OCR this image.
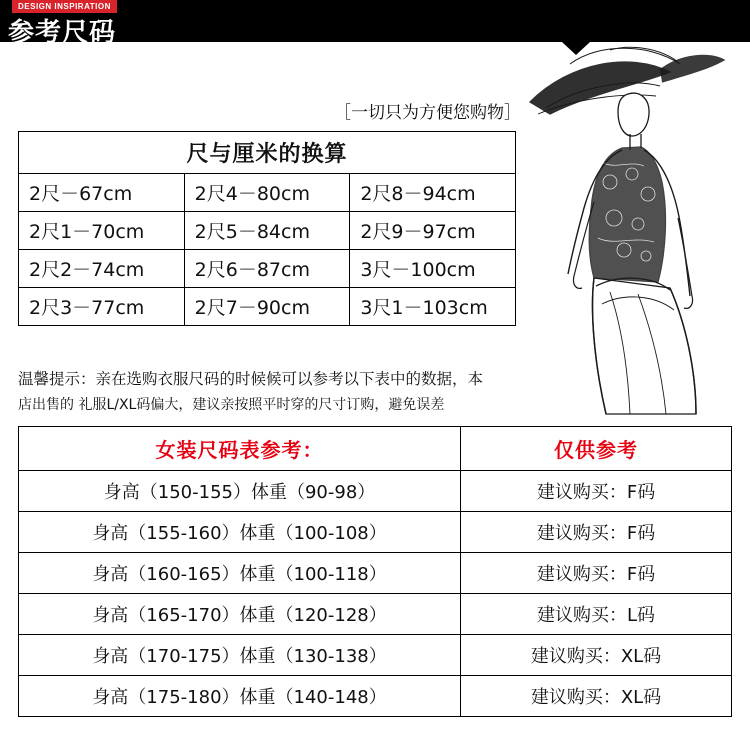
DESIGN INSPIRATION
参考尺码
［一切只为方便您购物］
尺与厘米的换算		
2尺－67cm	2尺4－80cm	2尺8－94cm
2尺1－70cm	2尺5－84cm	2尺9－97cm
2尺2－74cm	2尺6－87cm	3尺－100cm
2尺3－77cm	2尺7－90cm	3尺1－103cm
温馨提示：亲在选购衣服尺码的时候候可以参考以下表中的数据，本
店出售的 礼服L/XL码偏大，建议亲按照平时穿的尺寸订购，避免误差
女装尺码表参考：	仅供参考
身高（150-155）体重（90-98）	建议购买：F码
身高（155-160）体重（100-108）	建议购买：F码
身高（160-165）体重（100-118）	建议购买：F码
身高（165-170）体重（120-128）	建议购买：L码
身高（170-175）体重（130-138）	建议购买：XL码
身高（175-180）体重（140-148）	建议购买：XL码
